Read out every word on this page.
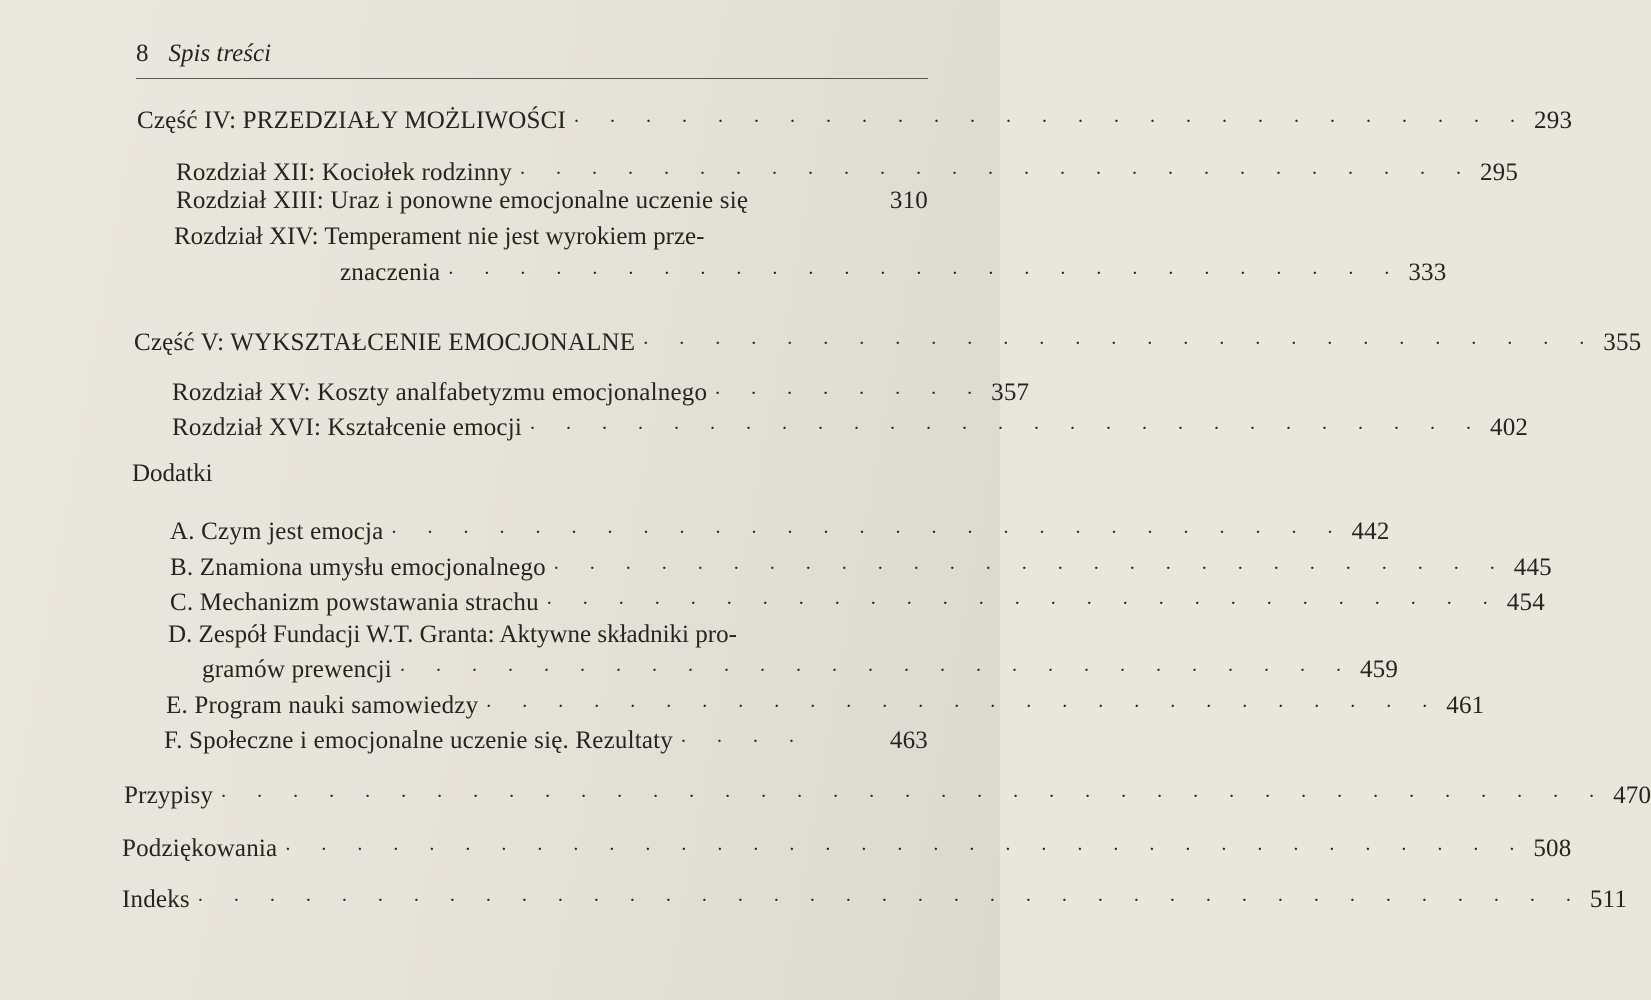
8 Spis treści
Część IV: PRZEDZIAŁY MOŻLIWOŚCI . . . . . . . . . . . . . . . . . . . . . . . . . . . 293
Rozdział XII: Kociołek rodzinny . . . . . . . . . . . . . . . . . . . . . . . . . . . 295
Rozdział XIII: Uraz i ponowne emocjonalne uczenie się	310
Rozdział XIV: Temperament nie jest wyrokiem prze-
znaczenia . . . . . . . . . . . . . . . . . . . . . . . . . . . 333
Część V: WYKSZTAŁCENIE EMOCJONALNE . . . . . . . . . . . . . . . . . . . . . . . . . . . 355
Rozdział XV: Koszty analfabetyzmu emocjonalnego . . . . . . . . 357
Rozdział XVI: Kształcenie emocji . . . . . . . . . . . . . . . . . . . . . . . . . . . 402
Dodatki
A. Czym jest emocja . . . . . . . . . . . . . . . . . . . . . . . . . . . 442
B. Znamiona umysłu emocjonalnego . . . . . . . . . . . . . . . . . . . . . . . . . . . 445
C. Mechanizm powstawania strachu . . . . . . . . . . . . . . . . . . . . . . . . . . . 454
D. Zespół Fundacji W.T. Granta: Aktywne składniki pro-
gramów prewencji . . . . . . . . . . . . . . . . . . . . . . . . . . . 459
E. Program nauki samowiedzy . . . . . . . . . . . . . . . . . . . . . . . . . . . 461
F. Społeczne i emocjonalne uczenie się. Rezultaty . . . .	463
Przypisy . . . . . . . . . . . . . . . . . . . . . . . . . . . . . . . . . . . . . . . 470
Podziękowania . . . . . . . . . . . . . . . . . . . . . . . . . . . . . . . . . . . 508
Indeks . . . . . . . . . . . . . . . . . . . . . . . . . . . . . . . . . . . . . . . 511
